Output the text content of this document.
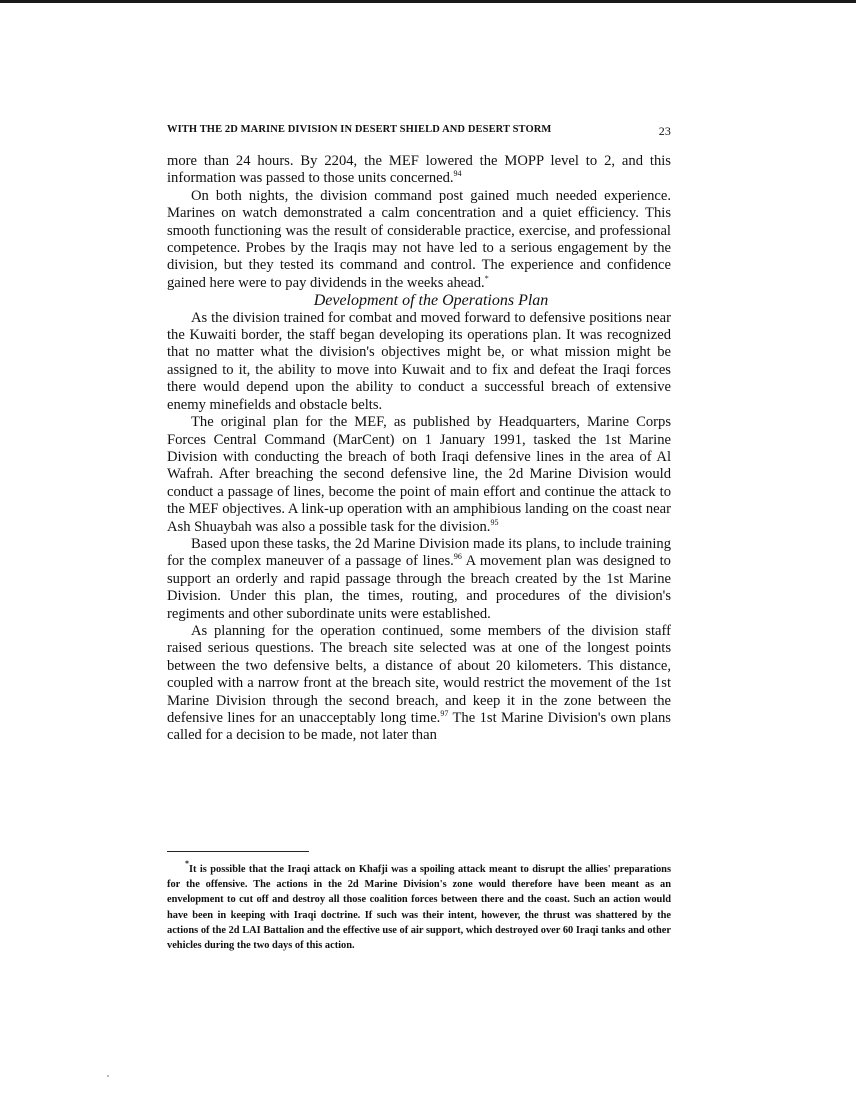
WITH THE 2D MARINE DIVISION IN DESERT SHIELD AND DESERT STORM	23

more than 24 hours. By 2204, the MEF lowered the MOPP level to 2, and this information was passed to those units concerned.$^{94}$

On both nights, the division command post gained much needed experience. Marines on watch demonstrated a calm concentration and a quiet efficiency. This smooth functioning was the result of considerable practice, exercise, and professional competence. Probes by the Iraqis may not have led to a serious engagement by the division, but they tested its command and control. The experience and confidence gained here were to pay dividends in the weeks ahead.*

Development of the Operations Plan

As the division trained for combat and moved forward to defensive positions near the Kuwaiti border, the staff began developing its operations plan. It was recognized that no matter what the division's objectives might be, or what mission might be assigned to it, the ability to move into Kuwait and to fix and defeat the Iraqi forces there would depend upon the ability to conduct a successful breach of extensive enemy minefields and obstacle belts.

The original plan for the MEF, as published by Headquarters, Marine Corps Forces Central Command (MarCent) on 1 January 1991, tasked the 1st Marine Division with conducting the breach of both Iraqi defensive lines in the area of Al Wafrah. After breaching the second defensive line, the 2d Marine Division would conduct a passage of lines, become the point of main effort and continue the attack to the MEF objectives. A link-up operation with an amphibious landing on the coast near Ash Shuaybah was also a possible task for the division.$^{95}$

Based upon these tasks, the 2d Marine Division made its plans, to include training for the complex maneuver of a passage of lines.$^{96}$ A movement plan was designed to support an orderly and rapid passage through the breach created by the 1st Marine Division. Under this plan, the times, routing, and procedures of the division's regiments and other subordinate units were established.

As planning for the operation continued, some members of the division staff raised serious questions. The breach site selected was at one of the longest points between the two defensive belts, a distance of about 20 kilometers. This distance, coupled with a narrow front at the breach site, would restrict the movement of the 1st Marine Division through the second breach, and keep it in the zone between the defensive lines for an unacceptably long time.$^{97}$ The 1st Marine Division's own plans called for a decision to be made, not later than

*It is possible that the Iraqi attack on Khafji was a spoiling attack meant to disrupt the allies' preparations for the offensive. The actions in the 2d Marine Division's zone would therefore have been meant as an envelopment to cut off and destroy all those coalition forces between there and the coast. Such an action would have been in keeping with Iraqi doctrine. If such was their intent, however, the thrust was shattered by the actions of the 2d LAI Battalion and the effective use of air support, which destroyed over 60 Iraqi tanks and other vehicles during the two days of this action.
